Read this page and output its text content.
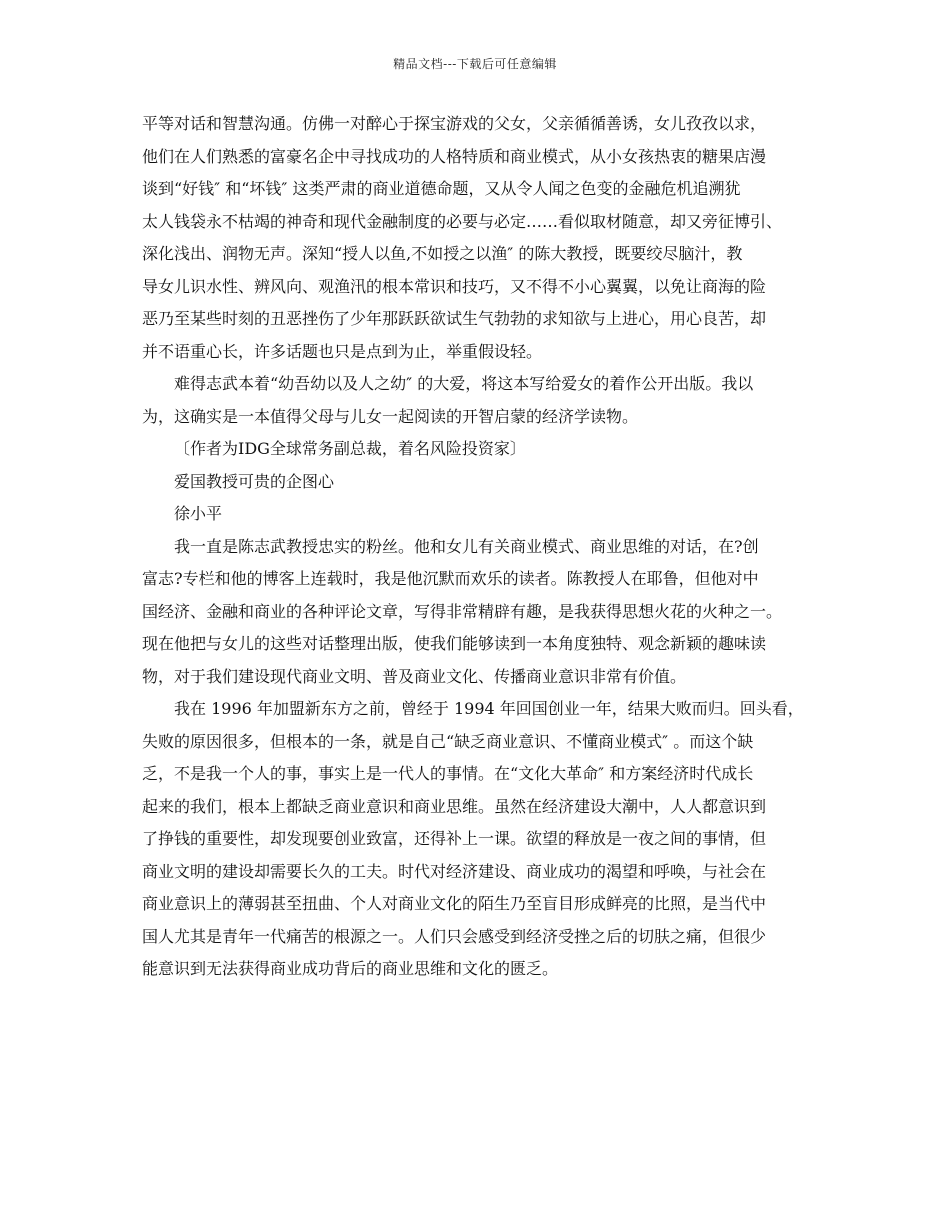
精品文档---下载后可任意编辑
平等对话和智慧沟通。仿佛一对醉心于探宝游戏的父女，父亲循循善诱，女儿孜孜以求，
他们在人们熟悉的富豪名企中寻找成功的人格特质和商业模式，从小女孩热衷的糖果店漫
谈到“好钱″ 和“坏钱″ 这类严肃的商业道德命题，又从令人闻之色变的金融危机追溯犹
太人钱袋永不枯竭的神奇和现代金融制度的必要与必定……看似取材随意，却又旁征博引、
深化浅出、润物无声。深知“授人以鱼,不如授之以渔″ 的陈大教授，既要绞尽脑汁，教
导女儿识水性、辨风向、观渔汛的根本常识和技巧，又不得不小心翼翼，以免让商海的险
恶乃至某些时刻的丑恶挫伤了少年那跃跃欲试生气勃勃的求知欲与上进心，用心良苦，却
并不语重心长，许多话题也只是点到为止，举重假设轻。
难得志武本着“幼吾幼以及人之幼″ 的大爱，将这本写给爱女的着作公开出版。我以
为，这确实是一本值得父母与儿女一起阅读的开智启蒙的经济学读物。
〔作者为IDG全球常务副总裁，着名风险投资家〕
爱国教授可贵的企图心
徐小平
我一直是陈志武教授忠实的粉丝。他和女儿有关商业模式、商业思维的对话，在?创
富志?专栏和他的博客上连载时，我是他沉默而欢乐的读者。陈教授人在耶鲁，但他对中
国经济、金融和商业的各种评论文章，写得非常精辟有趣，是我获得思想火花的火种之一。
现在他把与女儿的这些对话整理出版，使我们能够读到一本角度独特、观念新颖的趣味读
物，对于我们建设现代商业文明、普及商业文化、传播商业意识非常有价值。
我在 1996 年加盟新东方之前，曾经于 1994 年回国创业一年，结果大败而归。回头看，
失败的原因很多，但根本的一条，就是自己“缺乏商业意识、不懂商业模式″ 。而这个缺
乏，不是我一个人的事，事实上是一代人的事情。在“文化大革命″ 和方案经济时代成长
起来的我们，根本上都缺乏商业意识和商业思维。虽然在经济建设大潮中，人人都意识到
了挣钱的重要性，却发现要创业致富，还得补上一课。欲望的释放是一夜之间的事情，但
商业文明的建设却需要长久的工夫。时代对经济建设、商业成功的渴望和呼唤，与社会在
商业意识上的薄弱甚至扭曲、个人对商业文化的陌生乃至盲目形成鲜亮的比照，是当代中
国人尤其是青年一代痛苦的根源之一。人们只会感受到经济受挫之后的切肤之痛，但很少
能意识到无法获得商业成功背后的商业思维和文化的匮乏。
